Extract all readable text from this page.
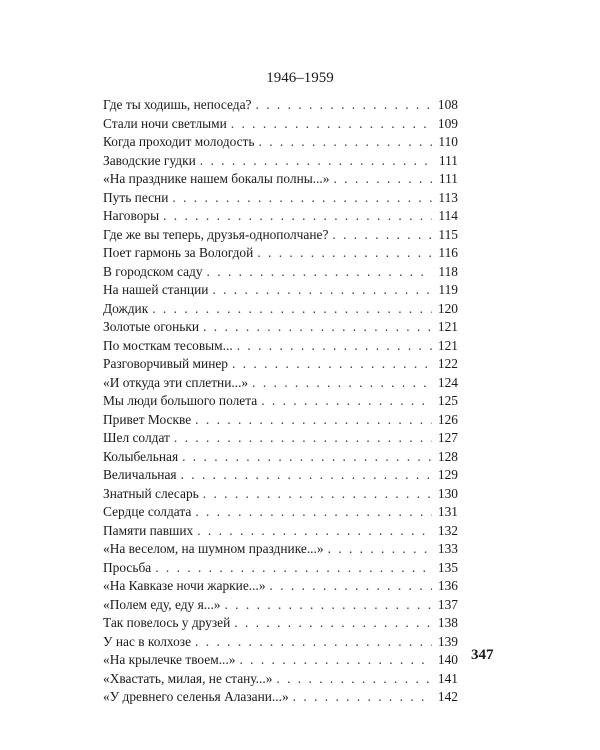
1946–1959
Где ты ходишь, непоседа? . . .	108
Стали ночи светлыми . . .	109
Когда проходит молодость . . .	110
Заводские гудки . . .	111
«На празднике нашем бокалы полны...» . . .	111
Путь песни . . .	113
Наговоры . . .	114
Где же вы теперь, друзья-однополчане? . . .	115
Поет гармонь за Вологдой . . .	116
В городском саду . . .	118
На нашей станции . . .	119
Дождик . . .	120
Золотые огоньки . . .	121
По мосткам тесовым... . . .	121
Разговорчивый минер . . .	122
«И откуда эти сплетни...» . . .	124
Мы люди большого полета . . .	125
Привет Москве . . .	126
Шел солдат . . .	127
Колыбельная . . .	128
Величальная . . .	129
Знатный слесарь . . .	130
Сердце солдата . . .	131
Памяти павших . . .	132
«На веселом, на шумном празднике...» . . .	133
Просьба . . .	135
«На Кавказе ночи жаркие...» . . .	136
«Полем еду, еду я...» . . .	137
Так повелось у друзей . . .	138
У нас в колхозе . . .	139
«На крылечке твоем...» . . .	140
«Хвастать, милая, не стану...» . . .	141
«У древнего селенья Алазани...» . . .	142
347
